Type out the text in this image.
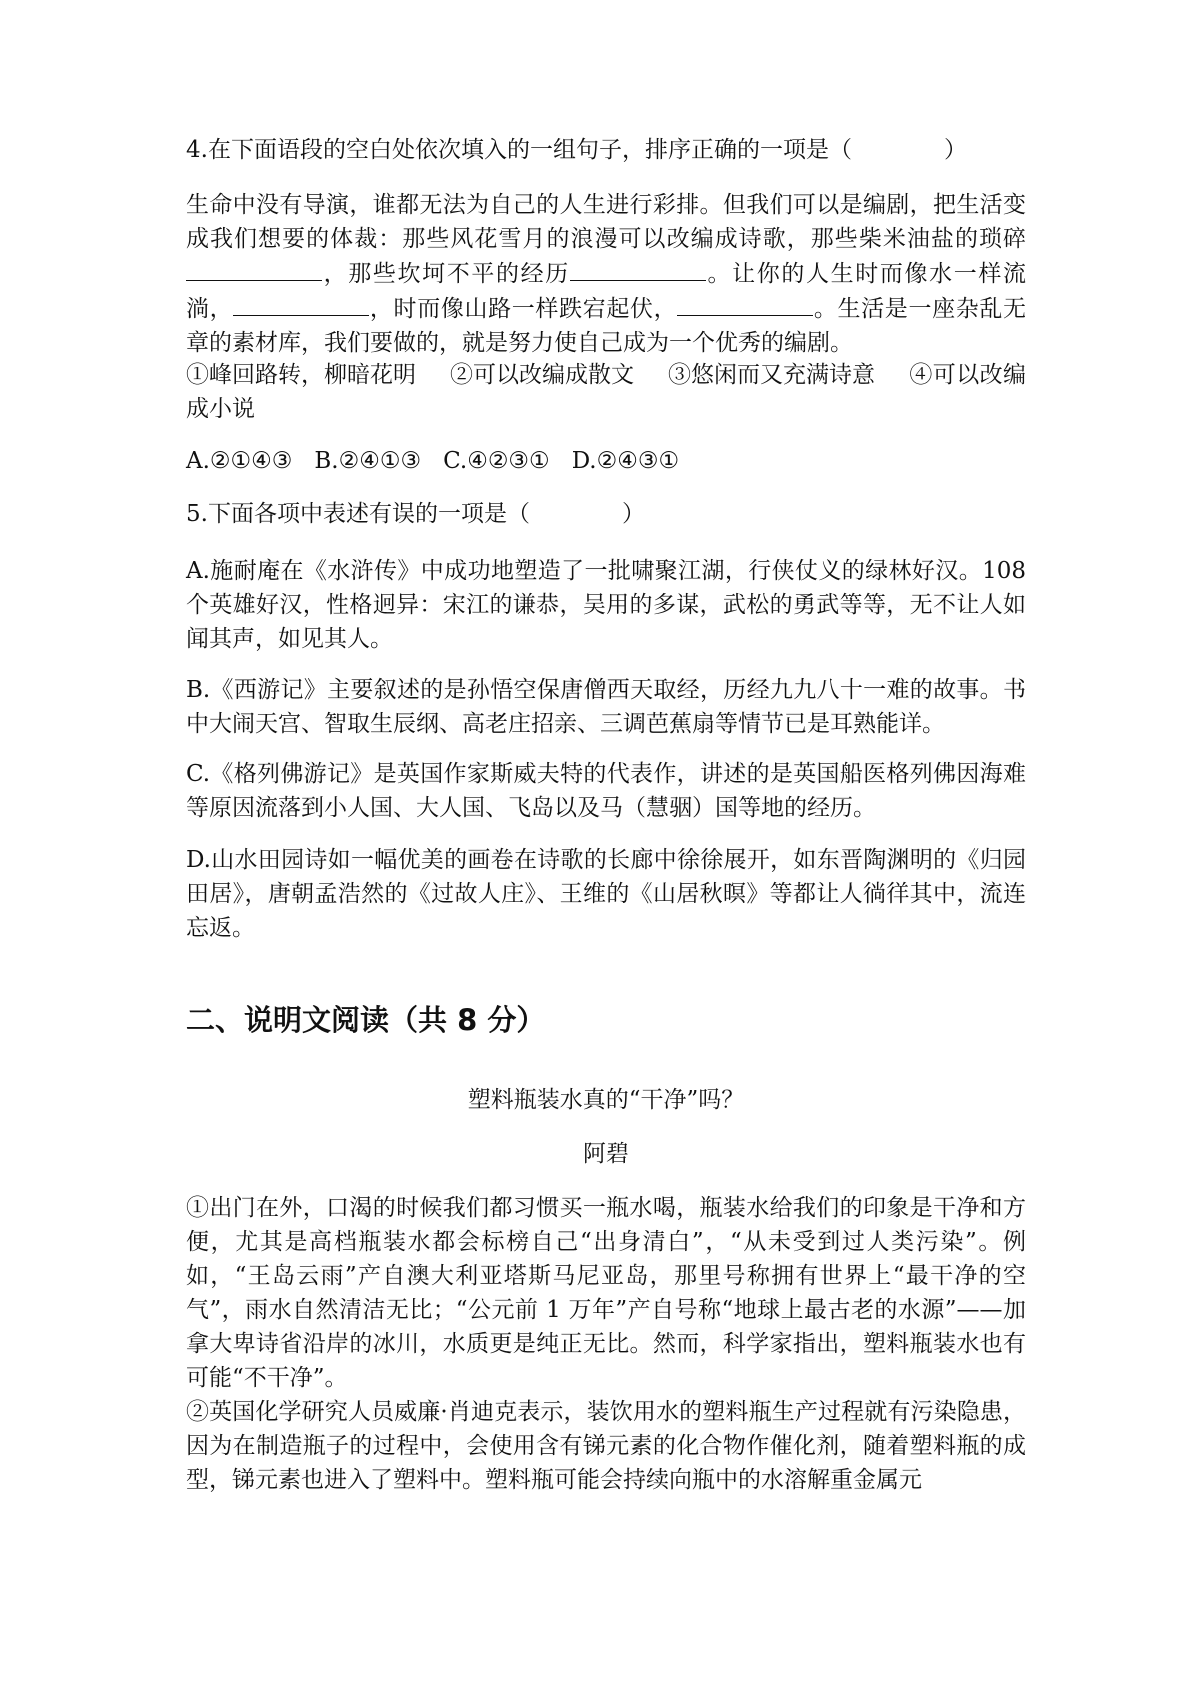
4.在下面语段的空白处依次填入的一组句子，排序正确的一项是（　　　　）
生命中没有导演，谁都无法为自己的人生进行彩排。但我们可以是编剧，把生活变成我们想要的体裁：那些风花雪月的浪漫可以改编成诗歌，那些柴米油盐的琐碎，那些坎坷不平的经历	。让你的人生时而像水一样流淌，	，时而像山路一样跌宕起伏，	。生活是一座杂乱无章的素材库，我们要做的，就是努力使自己成为一个优秀的编剧。
①峰回路转，柳暗花明 ②可以改编成散文 ③悠闲而又充满诗意 ④可以改编成小说
A.②①④③ B.②④①③ C.④②③① D.②④③①
5.下面各项中表述有误的一项是（　　　　）
A.施耐庵在《水浒传》中成功地塑造了一批啸聚江湖，行侠仗义的绿林好汉。108个英雄好汉，性格迥异：宋江的谦恭，吴用的多谋，武松的勇武等等，无不让人如闻其声，如见其人。
B.《西游记》主要叙述的是孙悟空保唐僧西天取经，历经九九八十一难的故事。书中大闹天宫、智取生辰纲、高老庄招亲、三调芭蕉扇等情节已是耳熟能详。
C.《格列佛游记》是英国作家斯威夫特的代表作，讲述的是英国船医格列佛因海难等原因流落到小人国、大人国、飞岛以及马（慧骃）国等地的经历。
D.山水田园诗如一幅优美的画卷在诗歌的长廊中徐徐展开，如东晋陶渊明的《归园田居》，唐朝孟浩然的《过故人庄》、王维的《山居秋暝》等都让人徜徉其中，流连忘返。
二、说明文阅读（共 8 分）
塑料瓶装水真的“干净”吗？
阿碧
①出门在外，口渴的时候我们都习惯买一瓶水喝，瓶装水给我们的印象是干净和方便，尤其是高档瓶装水都会标榜自己“出身清白”，“从未受到过人类污染”。例如，“王岛云雨”产自澳大利亚塔斯马尼亚岛，那里号称拥有世界上“最干净的空气”，雨水自然清洁无比；“公元前 1 万年”产自号称“地球上最古老的水源”——加拿大卑诗省沿岸的冰川，水质更是纯正无比。然而，科学家指出，塑料瓶装水也有可能“不干净”。
②英国化学研究人员威廉·肖迪克表示，装饮用水的塑料瓶生产过程就有污染隐患，因为在制造瓶子的过程中，会使用含有锑元素的化合物作催化剂，随着塑料瓶的成型，锑元素也进入了塑料中。塑料瓶可能会持续向瓶中的水溶解重金属元
